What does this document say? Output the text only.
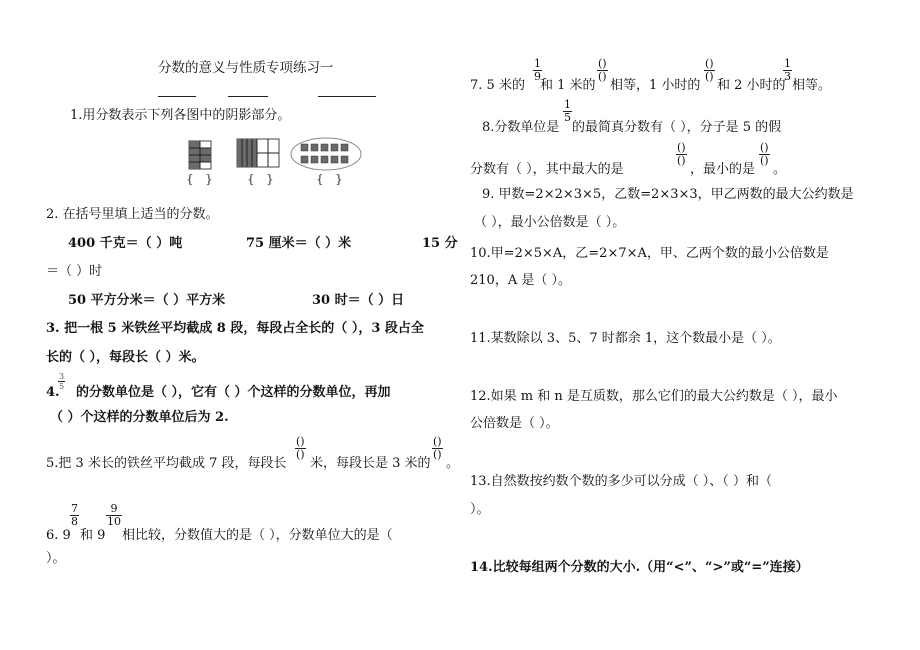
分数的意义与性质专项练习一
1.用分数表示下列各图中的阴影部分。
{   }	{   }	{   }
2. 在括号里填上适当的分数。
400 千克＝（ ）吨	75 厘米＝（ ）米	15 分
＝（ ）时
50 平方分米＝（ ）平方米	30 时＝（ ）日
3. 把一根 5 米铁丝平均截成 8 段，每段占全长的（ ），3 段占全
长的（ ），每段长（ ）米。
4.
3
5 的分数单位是（ ），它有（ ）个这样的分数单位，再加
（ ）个这样的分数单位后为 2.
5.把 3 米长的铁丝平均截成 7 段，每段长
()
()
米，每段长是 3 米的
()
()
。
6. 9
7
8
和 9
9
10
相比较，分数值大的是（ ），分数单位大的是（
）。
7. 5 米的
1
9
和 1 米的
()
()
相等，1 小时的
()
()
和 2 小时的
1
3
相等。
8.分数单位是
1
5
的最简真分数有（ ），分子是 5 的假
分数有（ ），其中最大的是
()
()
，最小的是
()
()
。
9. 甲数=2×2×3×5，乙数=2×3×3，甲乙两数的最大公约数是
（ ），最小公倍数是（ ）。
10.甲=2×5×A，乙=2×7×A，甲、乙两个数的最小公倍数是
210，A 是（ ）。
11.某数除以 3、5、7 时都余 1，这个数最小是（ ）。
12.如果 m 和 n 是互质数，那么它们的最大公约数是（ ），最小
公倍数是（ ）。
13.自然数按约数个数的多少可以分成（ ）、（ ）和（
）。
14.比较每组两个分数的大小.（用“<”、“>”或“=”连接）
